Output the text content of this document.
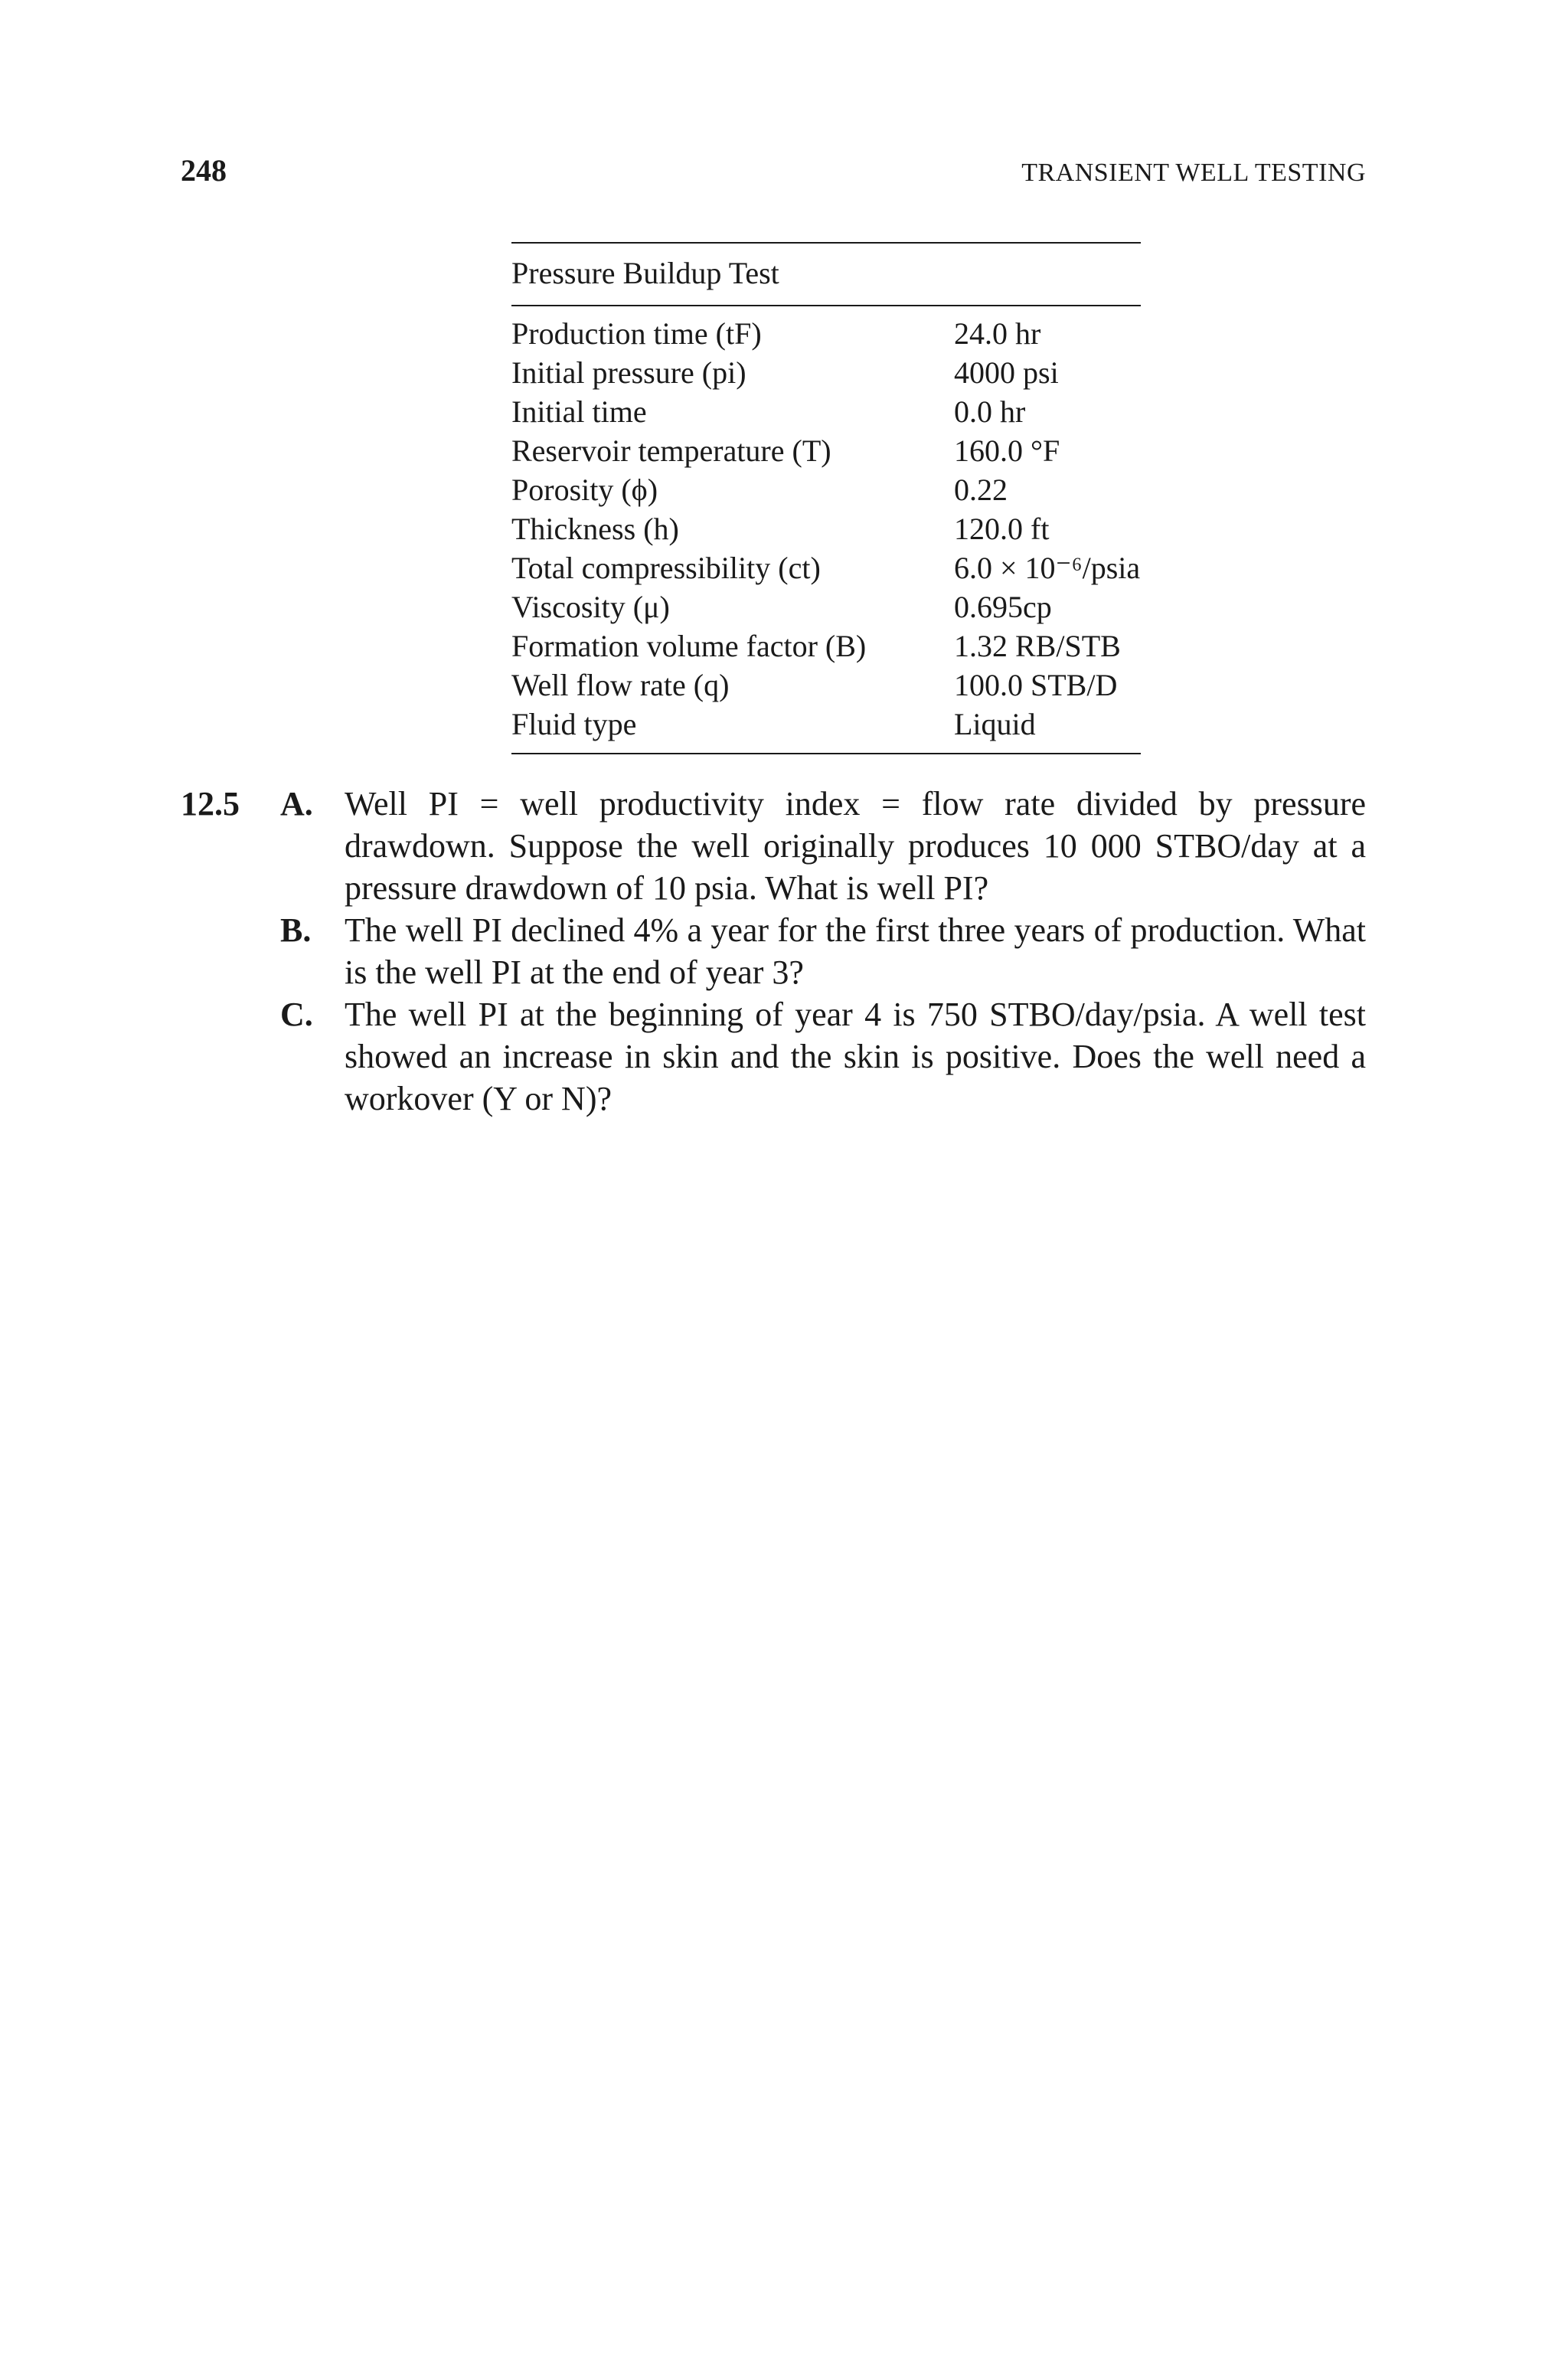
248	TRANSIENT WELL TESTING
Pressure Buildup Test
Production time (tF)	24.0 hr
Initial pressure (pi)	4000 psi
Initial time	0.0 hr
Reservoir temperature (T)	160.0 °F
Porosity (ϕ)	0.22
Thickness (h)	120.0 ft
Total compressibility (ct)	6.0 × 10⁻⁶/psia
Viscosity (μ)	0.695cp
Formation volume factor (B)	1.32 RB/STB
Well flow rate (q)	100.0 STB/D
Fluid type	Liquid
12.5 A. Well PI = well productivity index = flow rate divided by pressure drawdown. Suppose the well originally produces 10 000 STBO/day at a pressure drawdown of 10 psia. What is well PI?
B. The well PI declined 4% a year for the first three years of production. What is the well PI at the end of year 3?
C. The well PI at the beginning of year 4 is 750 STBO/day/psia. A well test showed an increase in skin and the skin is positive. Does the well need a workover (Y or N)?
